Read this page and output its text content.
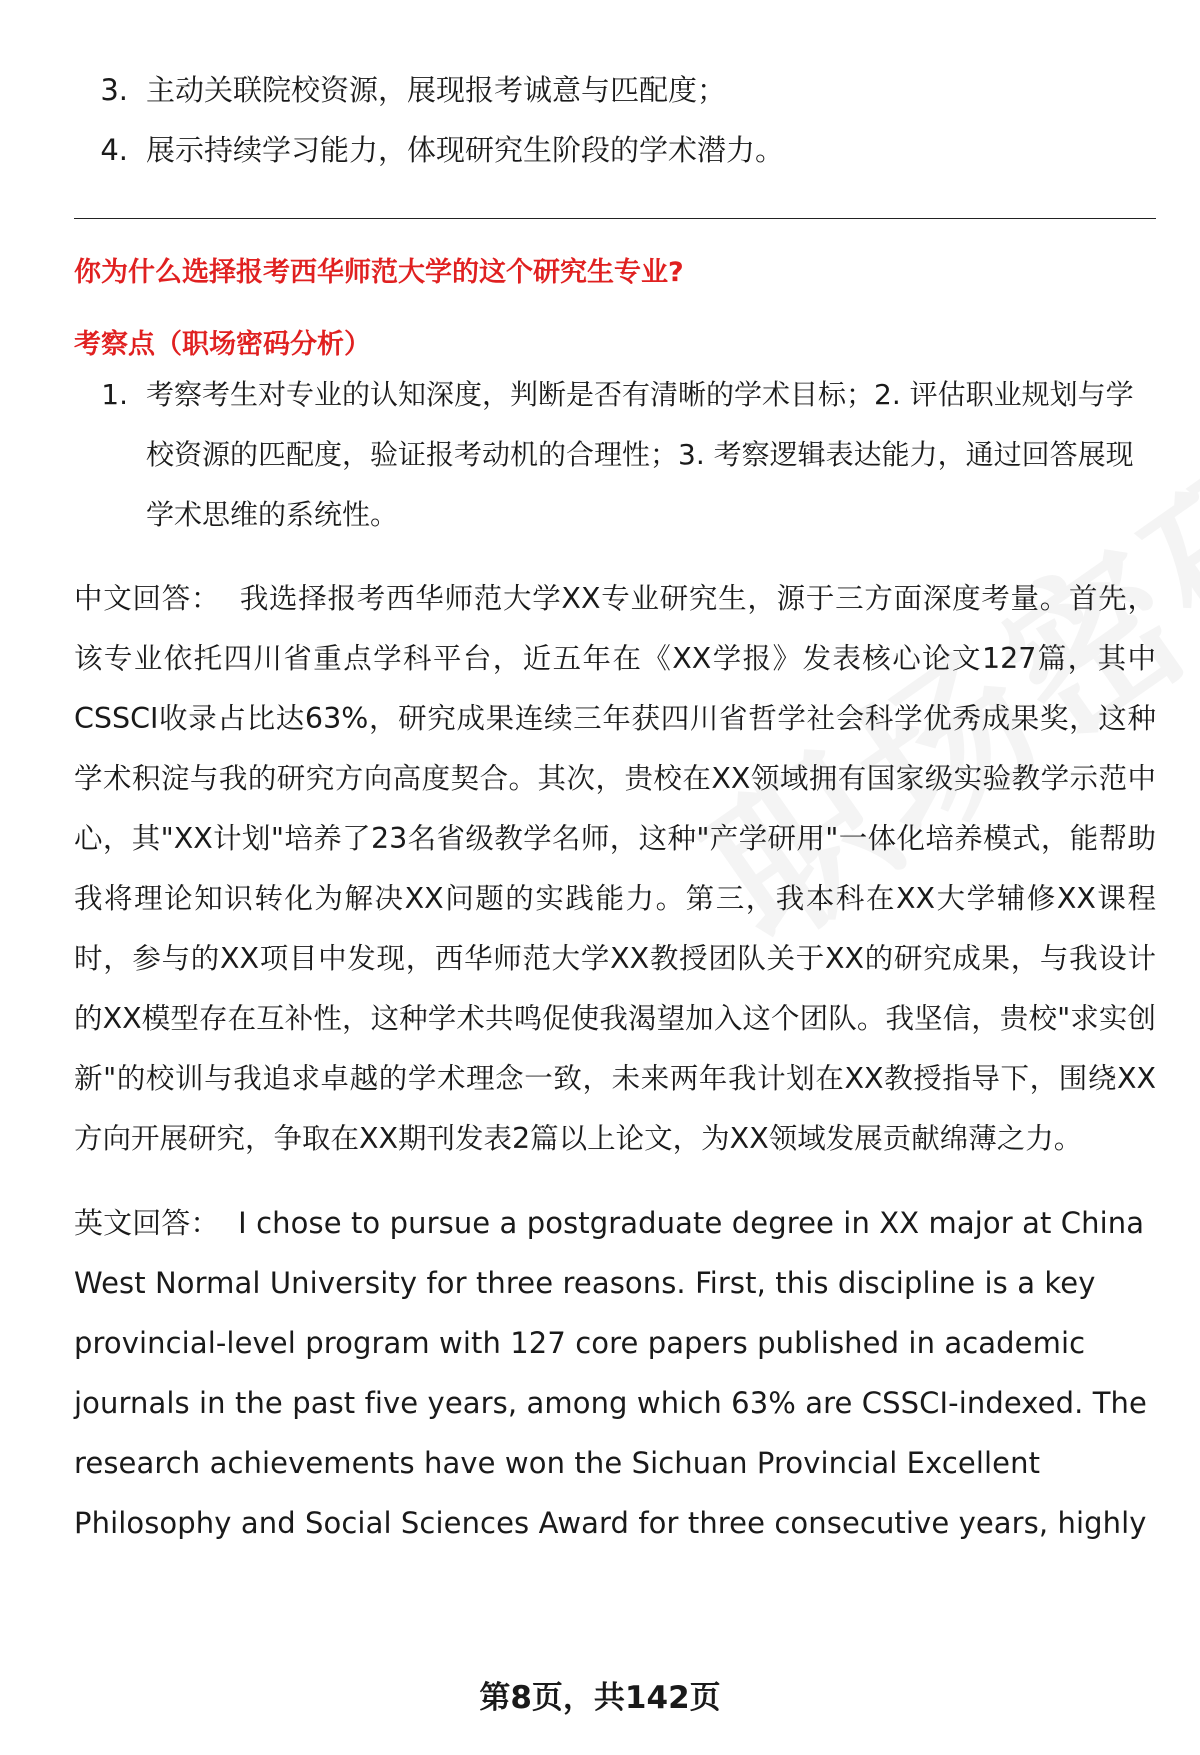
3. 主动关联院校资源，展现报考诚意与匹配度；
4. 展示持续学习能力，体现研究生阶段的学术潜力。
你为什么选择报考西华师范大学的这个研究生专业?
考察点（职场密码分析）
1. 考察考生对专业的认知深度，判断是否有清晰的学术目标；2. 评估职业规划与学校资源的匹配度，验证报考动机的合理性；3. 考察逻辑表达能力，通过回答展现学术思维的系统性。
中文回答： 我选择报考西华师范大学XX专业研究生，源于三方面深度考量。首先，该专业依托四川省重点学科平台，近五年在《XX学报》发表核心论文127篇，其中CSSCI收录占比达63%，研究成果连续三年获四川省哲学社会科学优秀成果奖，这种学术积淀与我的研究方向高度契合。其次，贵校在XX领域拥有国家级实验教学示范中心，其"XX计划"培养了23名省级教学名师，这种"产学研用"一体化培养模式，能帮助我将理论知识转化为解决XX问题的实践能力。第三，我本科在XX大学辅修XX课程时，参与的XX项目中发现，西华师范大学XX教授团队关于XX的研究成果，与我设计的XX模型存在互补性，这种学术共鸣促使我渴望加入这个团队。我坚信，贵校"求实创新"的校训与我追求卓越的学术理念一致，未来两年我计划在XX教授指导下，围绕XX方向开展研究，争取在XX期刊发表2篇以上论文，为XX领域发展贡献绵薄之力。
英文回答： I chose to pursue a postgraduate degree in XX major at China West Normal University for three reasons. First, this discipline is a key provincial-level program with 127 core papers published in academic journals in the past five years, among which 63% are CSSCI-indexed. The research achievements have won the Sichuan Provincial Excellent Philosophy and Social Sciences Award for three consecutive years, highly
第8页，共142页
